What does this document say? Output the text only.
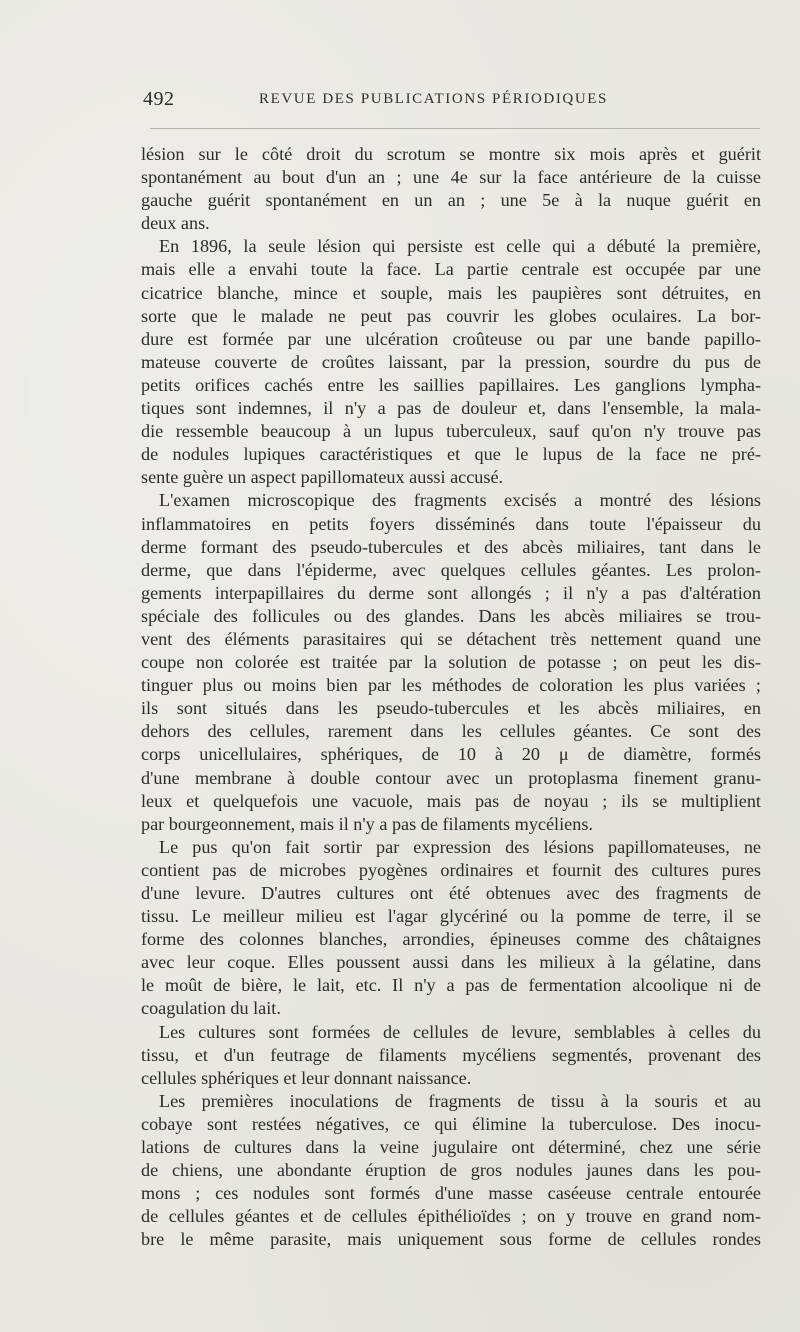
492	REVUE DES PUBLICATIONS PÉRIODIQUES
lésion sur le côté droit du scrotum se montre six mois après et guérit
spontanément au bout d'un an ; une 4e sur la face antérieure de la cuisse
gauche guérit spontanément en un an ; une 5e à la nuque guérit en
deux ans.
En 1896, la seule lésion qui persiste est celle qui a débuté la première,
mais elle a envahi toute la face. La partie centrale est occupée par une
cicatrice blanche, mince et souple, mais les paupières sont détruites, en
sorte que le malade ne peut pas couvrir les globes oculaires. La bor-
dure est formée par une ulcération croûteuse ou par une bande papillo-
mateuse couverte de croûtes laissant, par la pression, sourdre du pus de
petits orifices cachés entre les saillies papillaires. Les ganglions lympha-
tiques sont indemnes, il n'y a pas de douleur et, dans l'ensemble, la mala-
die ressemble beaucoup à un lupus tuberculeux, sauf qu'on n'y trouve pas
de nodules lupiques caractéristiques et que le lupus de la face ne pré-
sente guère un aspect papillomateux aussi accusé.
L'examen microscopique des fragments excisés a montré des lésions
inflammatoires en petits foyers disséminés dans toute l'épaisseur du
derme formant des pseudo-tubercules et des abcès miliaires, tant dans le
derme, que dans l'épiderme, avec quelques cellules géantes. Les prolon-
gements interpapillaires du derme sont allongés ; il n'y a pas d'altération
spéciale des follicules ou des glandes. Dans les abcès miliaires se trou-
vent des éléments parasitaires qui se détachent très nettement quand une
coupe non colorée est traitée par la solution de potasse ; on peut les dis-
tinguer plus ou moins bien par les méthodes de coloration les plus variées ;
ils sont situés dans les pseudo-tubercules et les abcès miliaires, en
dehors des cellules, rarement dans les cellules géantes. Ce sont des
corps unicellulaires, sphériques, de 10 à 20 μ de diamètre, formés
d'une membrane à double contour avec un protoplasma finement granu-
leux et quelquefois une vacuole, mais pas de noyau ; ils se multiplient
par bourgeonnement, mais il n'y a pas de filaments mycéliens.
Le pus qu'on fait sortir par expression des lésions papillomateuses, ne
contient pas de microbes pyogènes ordinaires et fournit des cultures pures
d'une levure. D'autres cultures ont été obtenues avec des fragments de
tissu. Le meilleur milieu est l'agar glycériné ou la pomme de terre, il se
forme des colonnes blanches, arrondies, épineuses comme des châtaignes
avec leur coque. Elles poussent aussi dans les milieux à la gélatine, dans
le moût de bière, le lait, etc. Il n'y a pas de fermentation alcoolique ni de
coagulation du lait.
Les cultures sont formées de cellules de levure, semblables à celles du
tissu, et d'un feutrage de filaments mycéliens segmentés, provenant des
cellules sphériques et leur donnant naissance.
Les premières inoculations de fragments de tissu à la souris et au
cobaye sont restées négatives, ce qui élimine la tuberculose. Des inocu-
lations de cultures dans la veine jugulaire ont déterminé, chez une série
de chiens, une abondante éruption de gros nodules jaunes dans les pou-
mons ; ces nodules sont formés d'une masse caséeuse centrale entourée
de cellules géantes et de cellules épithélioïdes ; on y trouve en grand nom-
bre le même parasite, mais uniquement sous forme de cellules rondes
